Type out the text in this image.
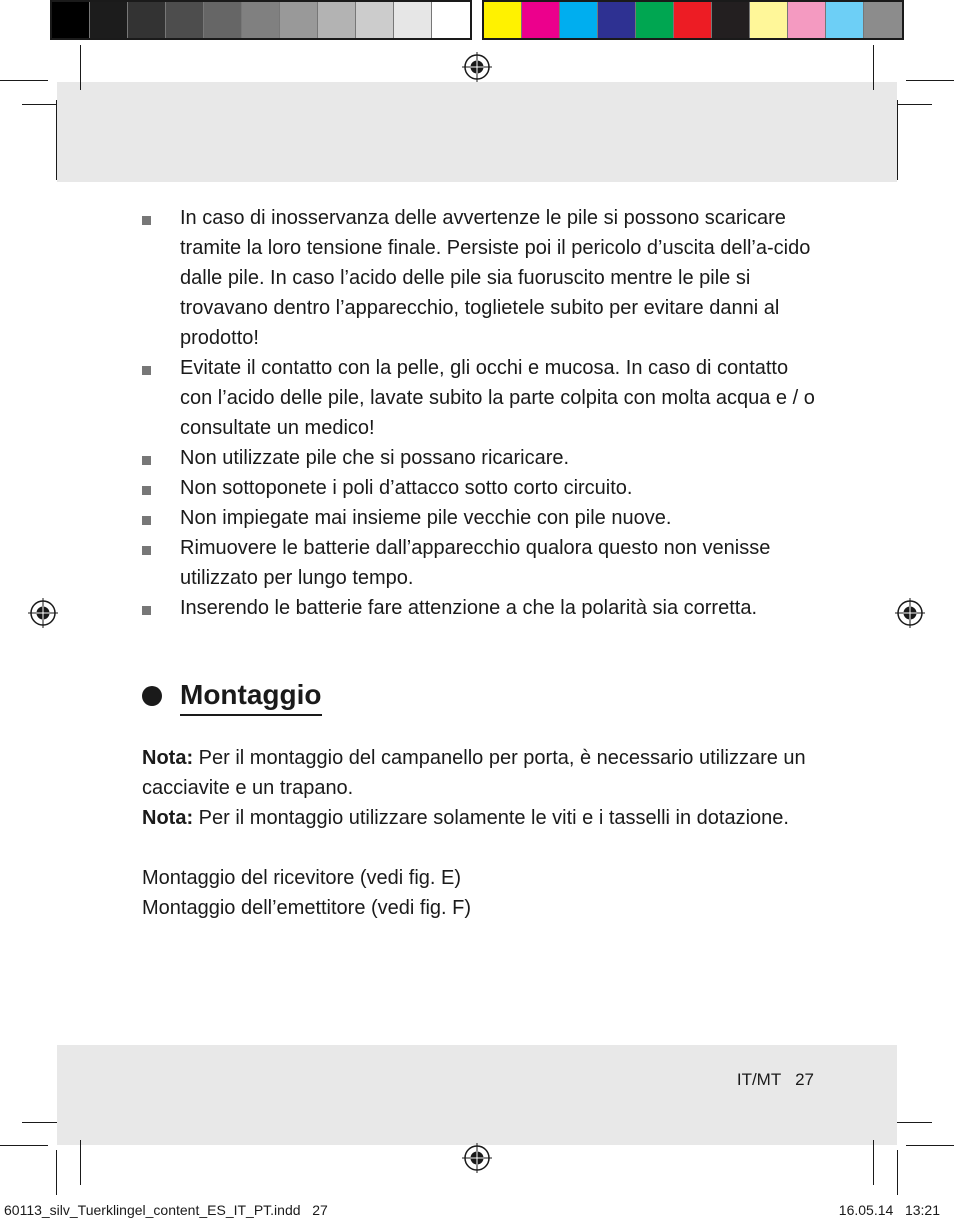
In caso di inosservanza delle avvertenze le pile si possono scaricare tramite la loro tensione finale. Persiste poi il pericolo d’uscita dell’a-cido dalle pile. In caso l’acido delle pile sia fuoruscito mentre le pile si trovavano dentro l’apparecchio, toglietele subito per evitare danni al prodotto!
Evitate il contatto con la pelle, gli occhi e mucosa. In caso di contatto con l’acido delle pile, lavate subito la parte colpita con molta acqua e / o consultate un medico!
Non utilizzate pile che si possano ricaricare.
Non sottoponete i poli d’attacco sotto corto circuito.
Non impiegate mai insieme pile vecchie con pile nuove.
Rimuovere le batterie dall’apparecchio qualora questo non venisse utilizzato per lungo tempo.
Inserendo le batterie fare attenzione a che la polarità sia corretta.
Montaggio

Nota: Per il montaggio del campanello per porta, è necessario utilizzare un cacciavite e un trapano.

Nota: Per il montaggio utilizzare solamente le viti e i tasselli in dotazione.

Montaggio del ricevitore (vedi fig. E)

Montaggio dell’emettitore (vedi fig. F)

IT/MT   27
60113_silv_Tuerklingel_content_ES_IT_PT.indd   27	16.05.14   13:21
